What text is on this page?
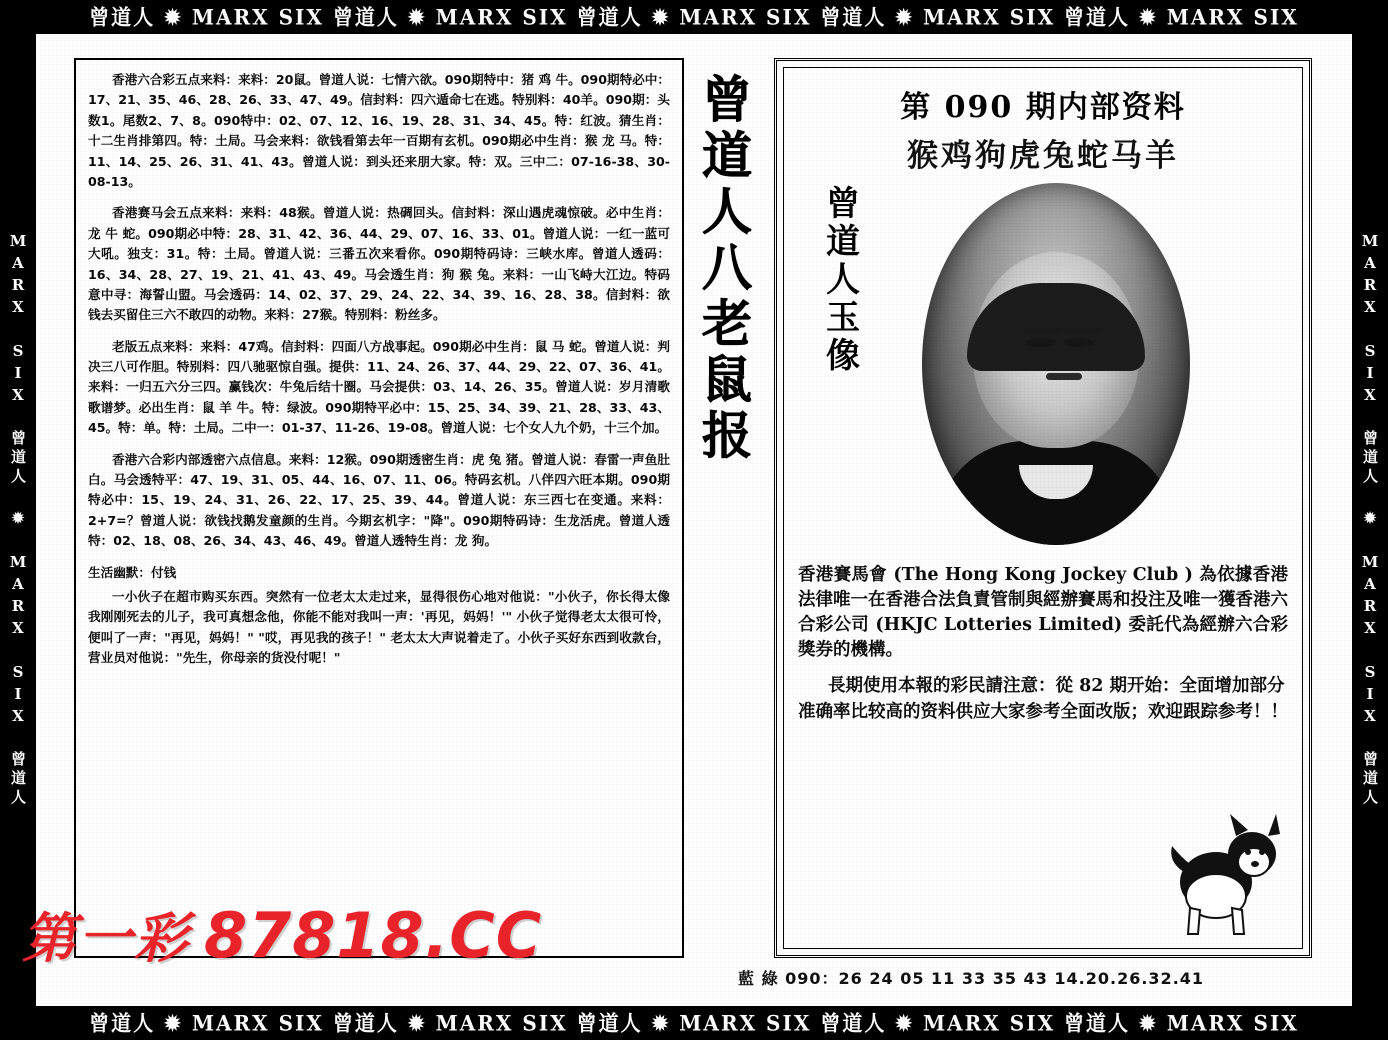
曾道人 ✹ MARX SIX 曾道人 ✹ MARX SIX 曾道人 ✹ MARX SIX 曾道人 ✹ MARX SIX 曾道人 ✹ MARX SIX
曾道人 ✹ MARX SIX 曾道人 ✹ MARX SIX 曾道人 ✹ MARX SIX 曾道人 ✹ MARX SIX 曾道人 ✹ MARX SIX
MARX SIX 曾道人 ✹ MARX SIX 曾道人	MARX SIX 曾道人 ✹ MARX SIX 曾道人

香港六合彩五点来料：来料：20鼠。曾道人说：七情六欲。090期特中：猪 鸡 牛。090期特必中：17、21、35、46、28、26、33、47、49。信封料：四六遁命七在逃。特别料：40羊。090期：头数1。尾数2、7、8。090特中：02、07、12、16、19、28、31、34、45。特：红波。猜生肖：十二生肖排第四。特：土局。马会来料：欲钱看第去年一百期有玄机。090期必中生肖：猴 龙 马。特：11、14、25、26、31、41、43。曾道人说：到头还来朋大家。特：双。三中二：07-16-38、30-08-13。

香港赛马会五点来料：来料：48猴。曾道人说：热碉回头。信封料：深山遇虎魂惊破。必中生肖：龙 牛 蛇。090期必中特：28、31、42、36、44、29、07、16、33、01。曾道人说：一红一蓝可大吼。独支：31。特：土局。曾道人说：三番五次来看你。090期特码诗：三峡水库。曾道人透码：16、34、28、27、19、21、41、43、49。马会透生肖：狗 猴 兔。来料：一山飞峙大江边。特码意中寻：海誓山盟。马会透码：14、02、37、29、24、22、34、39、16、28、38。信封料：欲钱去买留住三六不敢四的动物。来料：27猴。特别料：粉丝多。

老版五点来料：来料：47鸡。信封料：四面八方战事起。090期必中生肖：鼠 马 蛇。曾道人说：判决三八可作胆。特别料：四八驰驱惊自强。提供：11、24、26、37、44、29、22、07、36、41。来料：一归五六分三四。赢钱次：牛兔后结十圈。马会提供：03、14、26、35。曾道人说：岁月清歌歌谱梦。必出生肖：鼠 羊 牛。特：绿波。090期特平必中：15、25、34、39、21、28、33、43、45。特：单。特：土局。二中一：01-37、11-26、19-08。曾道人说：七个女人九个奶，十三个加。

香港六合彩内部透密六点信息。来料：12猴。090期透密生肖：虎 兔 猪。曾道人说：春雷一声鱼肚白。马会透特平：47、19、31、05、44、16、07、11、06。特码玄机。八伴四六旺本期。090期特必中：15、19、24、31、26、22、17、25、39、44。曾道人说：东三西七在变通。来料：2+7=？曾道人说：欲钱找鹅发童颜的生肖。今期玄机字："降"。090期特码诗：生龙活虎。曾道人透特：02、18、08、26、34、43、46、49。曾道人透特生肖：龙 狗。

生活幽默：付钱

一小伙子在超市购买东西。突然有一位老太太走过来，显得很伤心地对他说："小伙子，你长得太像我刚刚死去的儿子，我可真想念他，你能不能对我叫一声：'再见，妈妈！'" 小伙子觉得老太太很可怜，便叫了一声："再见，妈妈！" "哎，再见我的孩子！" 老太太大声说着走了。小伙子买好东西到收款台，营业员对他说："先生，你母亲的货没付呢！"

曾道人 八老鼠报
第 090 期内部资料
猴鸡狗虎兔蛇马羊
曾道人玉像
香港賽馬會 (The Hong Kong Jockey Club ) 為依據香港法律唯一在香港合法負責管制與經辦賽馬和投注及唯一獲香港六合彩公司 (HKJC Lotteries Limited) 委託代為經辦六合彩獎券的機構。
長期使用本報的彩民請注意：從 82 期开始：全面增加部分准确率比较高的资料供应大家参考全面改版；欢迎跟踪参考！！
藍 綠 090：26 24 05 11 33 35 43 14.20.26.32.41
第一彩 87818.CC
